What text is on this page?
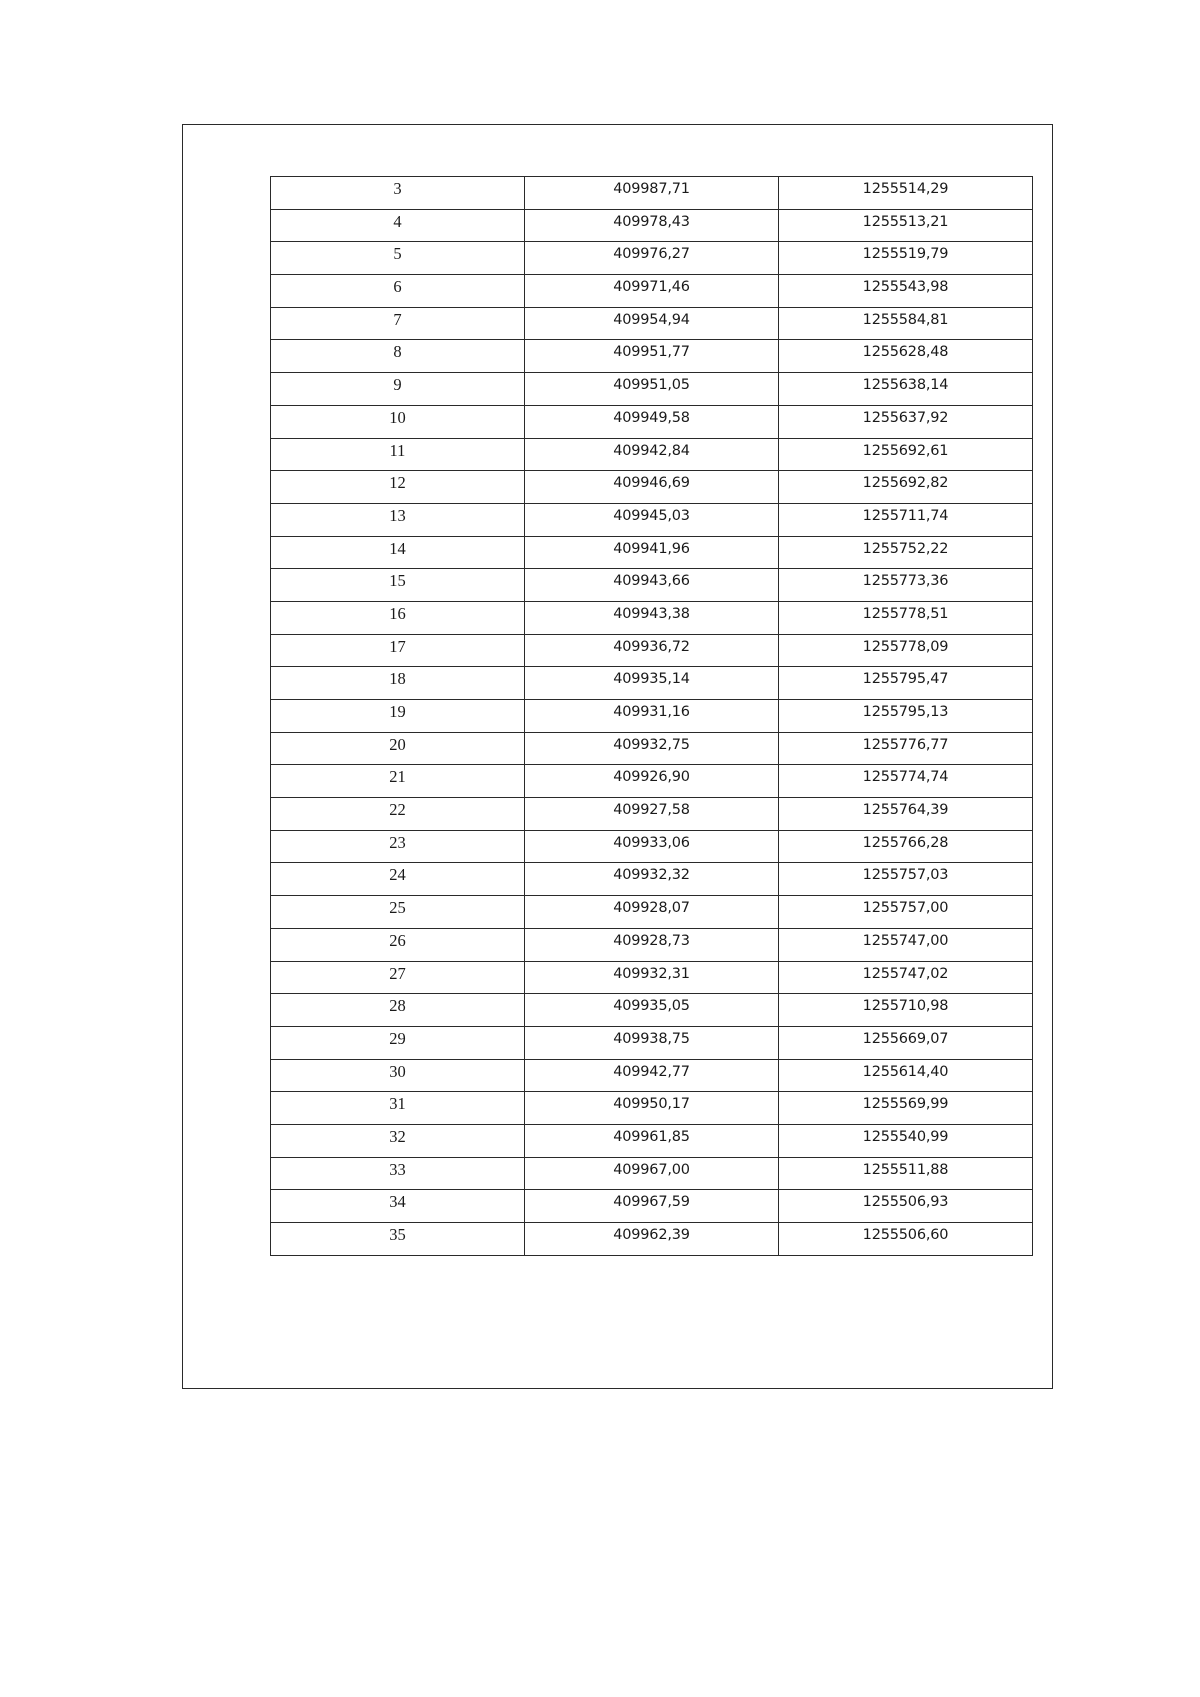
3	409987,71	1255514,29
4	409978,43	1255513,21
5	409976,27	1255519,79
6	409971,46	1255543,98
7	409954,94	1255584,81
8	409951,77	1255628,48
9	409951,05	1255638,14
10	409949,58	1255637,92
11	409942,84	1255692,61
12	409946,69	1255692,82
13	409945,03	1255711,74
14	409941,96	1255752,22
15	409943,66	1255773,36
16	409943,38	1255778,51
17	409936,72	1255778,09
18	409935,14	1255795,47
19	409931,16	1255795,13
20	409932,75	1255776,77
21	409926,90	1255774,74
22	409927,58	1255764,39
23	409933,06	1255766,28
24	409932,32	1255757,03
25	409928,07	1255757,00
26	409928,73	1255747,00
27	409932,31	1255747,02
28	409935,05	1255710,98
29	409938,75	1255669,07
30	409942,77	1255614,40
31	409950,17	1255569,99
32	409961,85	1255540,99
33	409967,00	1255511,88
34	409967,59	1255506,93
35	409962,39	1255506,60
